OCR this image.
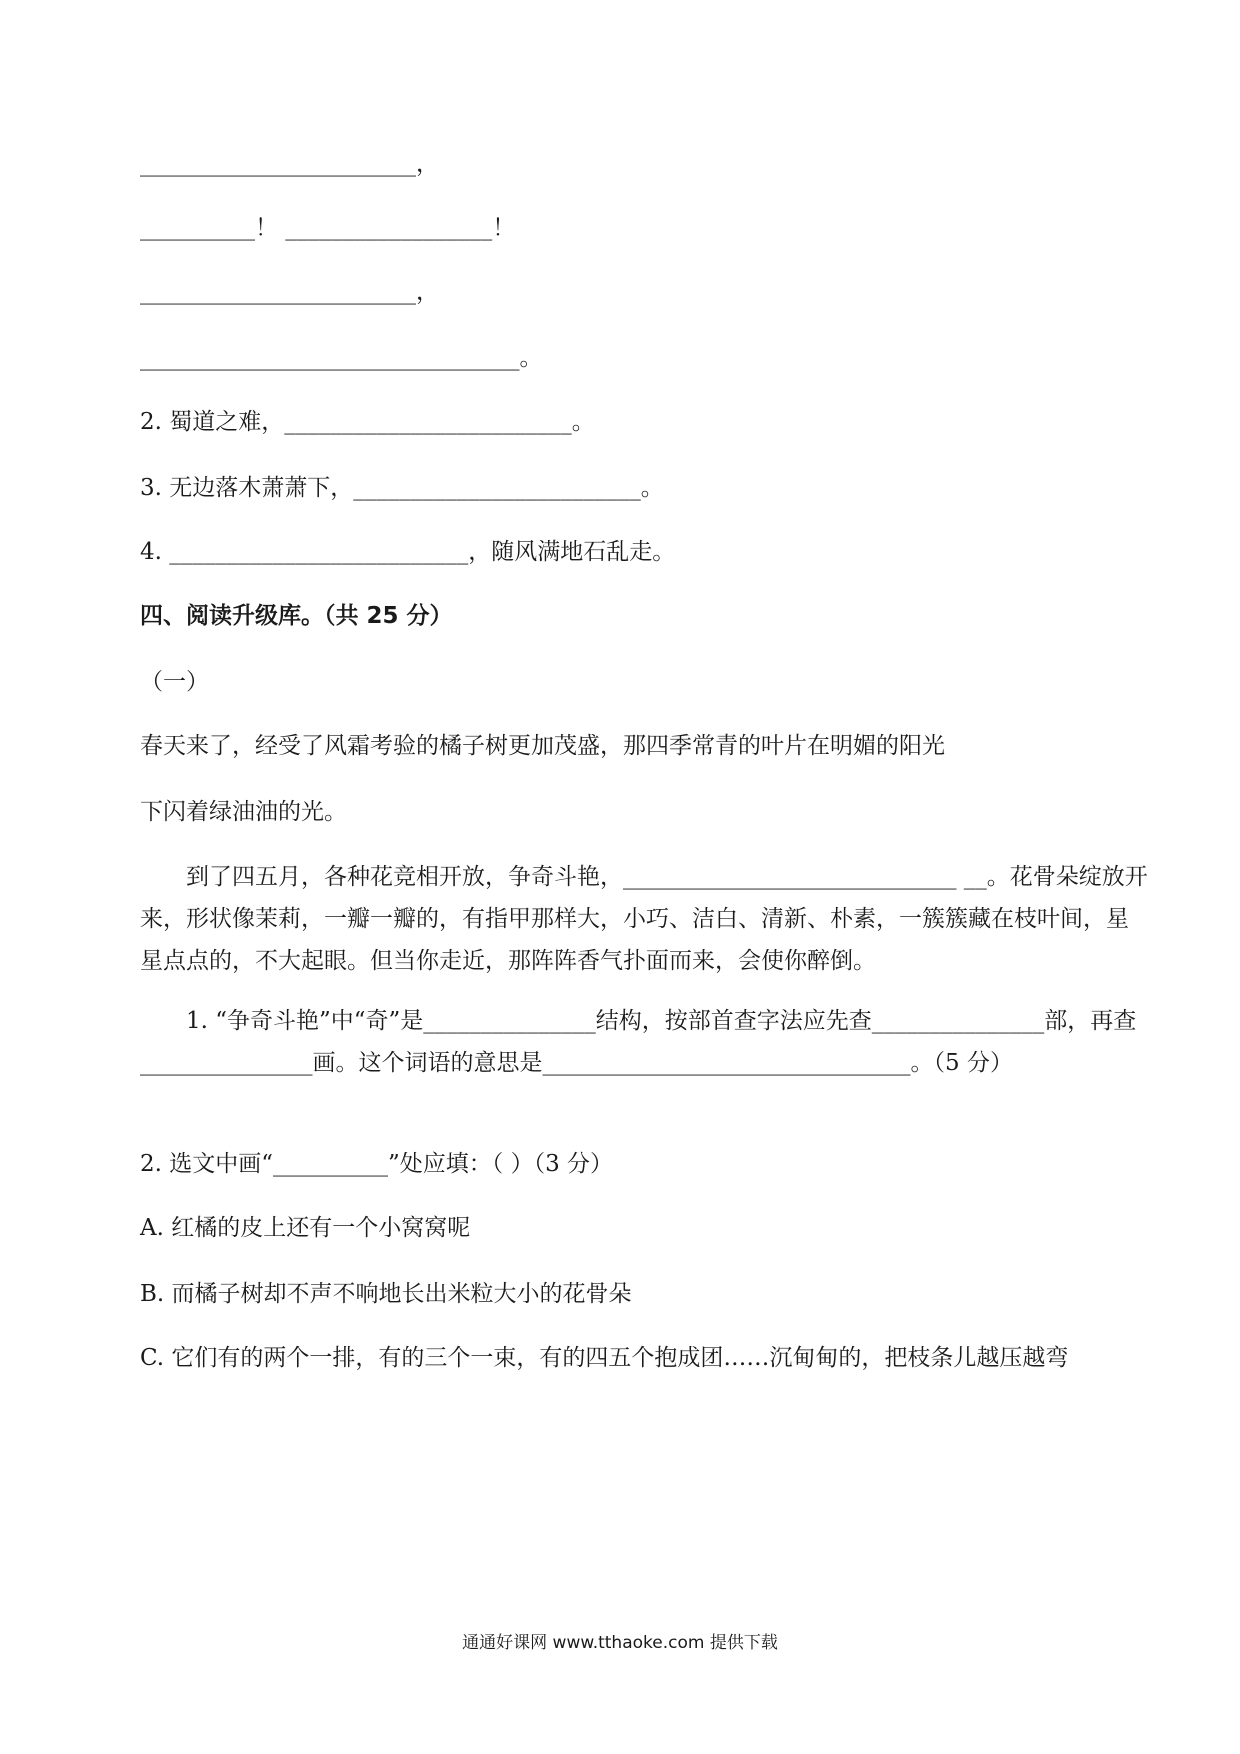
________________________，
__________！ __________________！
________________________，
_________________________________。
2. 蜀道之难，_________________________。
3. 无边落木萧萧下，_________________________。
4. __________________________，随风满地石乱走。
四、阅读升级库。（共 25 分）
（一）
春天来了，经受了风霜考验的橘子树更加茂盛，那四季常青的叶片在明媚的阳光
下闪着绿油油的光。
到了四五月，各种花竞相开放，争奇斗艳，_____________________________ __。花骨朵绽放开来，形状像茉莉，一瓣一瓣的，有指甲那样大，小巧、洁白、清新、朴素，一簇簇藏在枝叶间，星星点点的，不大起眼。但当你走近，那阵阵香气扑面而来，会使你醉倒。
1. “争奇斗艳”中“奇”是_______________结构，按部首查字法应先查_______________部，再查 _______________画。这个词语的意思是________________________________。（5 分）
2. 选文中画“__________”处应填：（ ）（3 分）
A. 红橘的皮上还有一个小窝窝呢
B. 而橘子树却不声不响地长出米粒大小的花骨朵
C. 它们有的两个一排，有的三个一束，有的四五个抱成团……沉甸甸的，把枝条儿越压越弯
通通好课网 www.tthaoke.com 提供下载
